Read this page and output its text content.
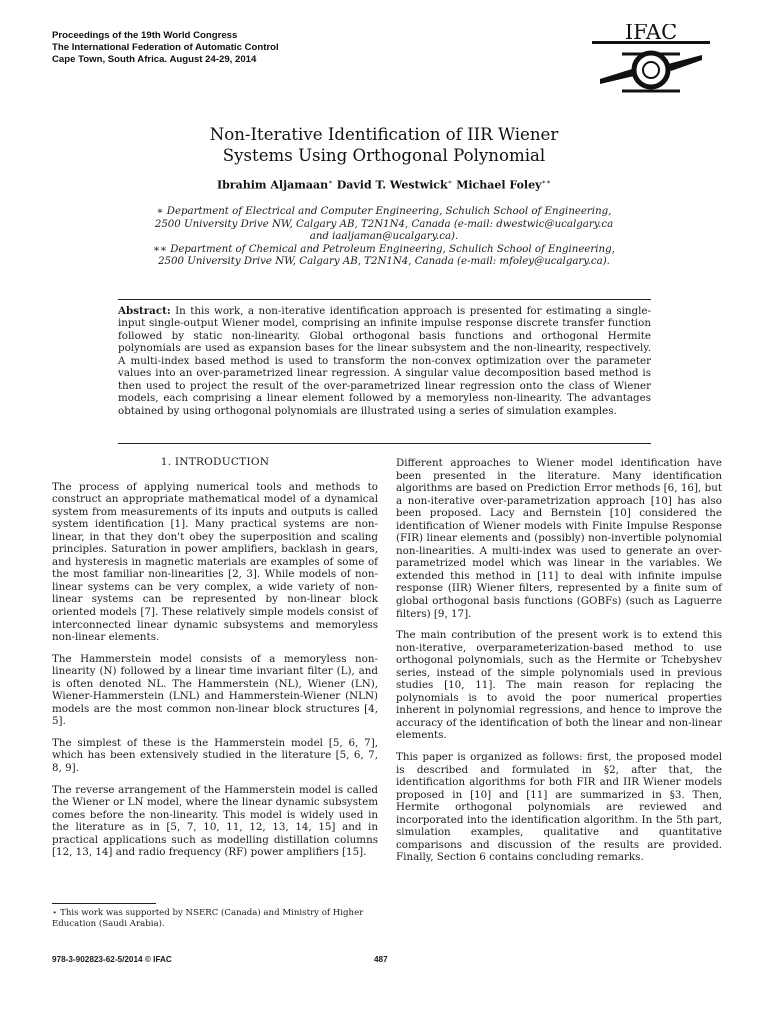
Proceedings of the 19th World Congress
The International Federation of Automatic Control
Cape Town, South Africa. August 24-29, 2014
IFAC
Non-Iterative Identification of IIR Wiener
Systems Using Orthogonal Polynomial
Ibrahim Aljamaan∗ David T. Westwick∗ Michael Foley∗∗

∗ Department of Electrical and Computer Engineering, Schulich School of Engineering, 2500 University Drive NW, Calgary AB, T2N1N4, Canada (e-mail: dwestwic@ucalgary.ca and iaaljaman@ucalgary.ca).

∗∗ Department of Chemical and Petroleum Engineering, Schulich School of Engineering, 2500 University Drive NW, Calgary AB, T2N1N4, Canada (e-mail: mfoley@ucalgary.ca).

Abstract: In this work, a non-iterative identification approach is presented for estimating a single-input single-output Wiener model, comprising an infinite impulse response discrete transfer function followed by static non-linearity. Global orthogonal basis functions and orthogonal Hermite polynomials are used as expansion bases for the linear subsystem and the non-linearity, respectively. A multi-index based method is used to transform the non-convex optimization over the parameter values into an over-parametrized linear regression. A singular value decomposition based method is then used to project the result of the over-parametrized linear regression onto the class of Wiener models, each comprising a linear element followed by a memoryless non-linearity. The advantages obtained by using orthogonal polynomials are illustrated using a series of simulation examples.

1. INTRODUCTION

The process of applying numerical tools and methods to construct an appropriate mathematical model of a dynamical system from measurements of its inputs and outputs is called system identification [1]. Many practical systems are non-linear, in that they don't obey the superposition and scaling principles. Saturation in power amplifiers, backlash in gears, and hysteresis in magnetic materials are examples of some of the most familiar non-linearities [2, 3]. While models of non-linear systems can be very complex, a wide variety of non-linear systems can be represented by non-linear block oriented models [7]. These relatively simple models consist of interconnected linear dynamic subsystems and memoryless non-linear elements.

The Hammerstein model consists of a memoryless non-linearity (N) followed by a linear time invariant filter (L), and is often denoted NL. The Hammerstein (NL), Wiener (LN), Wiener-Hammerstein (LNL) and Hammerstein-Wiener (NLN) models are the most common non-linear block structures [4, 5].

The simplest of these is the Hammerstein model [5, 6, 7], which has been extensively studied in the literature [5, 6, 7, 8, 9].

The reverse arrangement of the Hammerstein model is called the Wiener or LN model, where the linear dynamic subsystem comes before the non-linearity. This model is widely used in the literature as in [5, 7, 10, 11, 12, 13, 14, 15] and in practical applications such as modelling distillation columns [12, 13, 14] and radio frequency (RF) power amplifiers [15].

Different approaches to Wiener model identification have been presented in the literature. Many identification algorithms are based on Prediction Error methods [6, 16], but a non-iterative over-parametrization approach [10] has also been proposed. Lacy and Bernstein [10] considered the identification of Wiener models with Finite Impulse Response (FIR) linear elements and (possibly) non-invertible polynomial non-linearities. A multi-index was used to generate an over-parametrized model which was linear in the variables. We extended this method in [11] to deal with infinite impulse response (IIR) Wiener filters, represented by a finite sum of global orthogonal basis functions (GOBFs) (such as Laguerre filters) [9, 17].

The main contribution of the present work is to extend this non-iterative, overparameterization-based method to use orthogonal polynomials, such as the Hermite or Tchebyshev series, instead of the simple polynomials used in previous studies [10, 11]. The main reason for replacing the polynomials is to avoid the poor numerical properties inherent in polynomial regressions, and hence to improve the accuracy of the identification of both the linear and non-linear elements.

This paper is organized as follows: first, the proposed model is described and formulated in §2, after that, the identification algorithms for both FIR and IIR Wiener models proposed in [10] and [11] are summarized in §3. Then, Hermite orthogonal polynomials are reviewed and incorporated into the identification algorithm. In the 5th part, simulation examples, qualitative and quantitative comparisons and discussion of the results are provided. Finally, Section 6 contains concluding remarks.

⋆ This work was supported by NSERC (Canada) and Ministry of Higher Education (Saudi Arabia).

978-3-902823-62-5/2014 © IFAC	487
